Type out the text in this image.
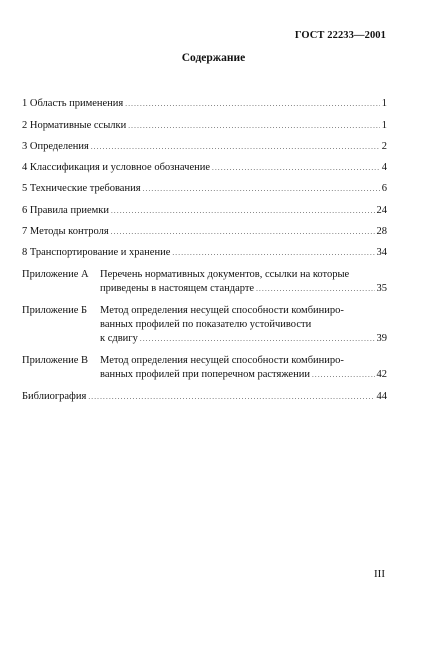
ГОСТ 22233—2001
Содержание
1 Область применения .....	1
2 Нормативные ссылки .....	1
3 Определения .....	2
4 Классификация и условное обозначение .....	4
5 Технические требования .....	6
6 Правила приемки .....	24
7 Методы контроля .....	28
8 Транспортирование и хранение .....	34
Приложение А	Перечень нормативных документов, ссылки на которые
приведены в настоящем стандарте .....	35
Приложение Б	Метод определения несущей способности комбиниро-
ванных профилей по показателю устойчивости
к сдвигу .....	39
Приложение В	Метод определения несущей способности комбиниро-
ванных профилей при поперечном растяжении .....	42
Библиография .....	44
III
